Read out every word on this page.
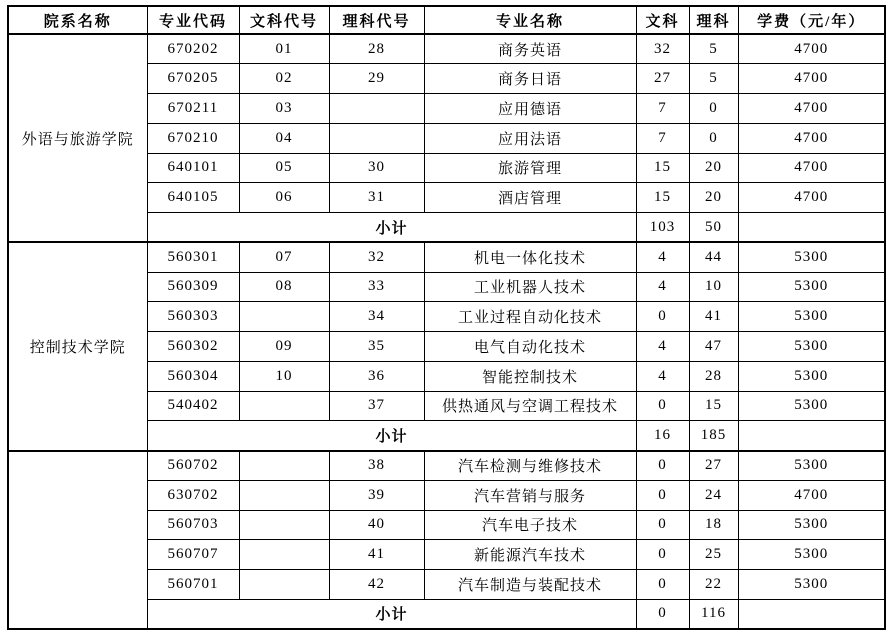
院系名称	专业代码	文科代号	理科代号	专业名称	文科	理科	学费（元/年）
外语与旅游学院	670202	01	28	商务英语	32	5	4700
	670205	02	29	商务日语	27	5	4700
	670211	03		应用德语	7	0	4700
	670210	04		应用法语	7	0	4700
	640101	05	30	旅游管理	15	20	4700
	640105	06	31	酒店管理	15	20	4700
	小计				103	50	
控制技术学院	560301	07	32	机电一体化技术	4	44	5300
	560309	08	33	工业机器人技术	4	10	5300
	560303		34	工业过程自动化技术	0	41	5300
	560302	09	35	电气自动化技术	4	47	5300
	560304	10	36	智能控制技术	4	28	5300
	540402		37	供热通风与空调工程技术	0	15	5300
	小计				16	185	
	560702		38	汽车检测与维修技术	0	27	5300
	630702		39	汽车营销与服务	0	24	4700
	560703		40	汽车电子技术	0	18	5300
	560707		41	新能源汽车技术	0	25	5300
	560701		42	汽车制造与装配技术	0	22	5300
	小计				0	116	
